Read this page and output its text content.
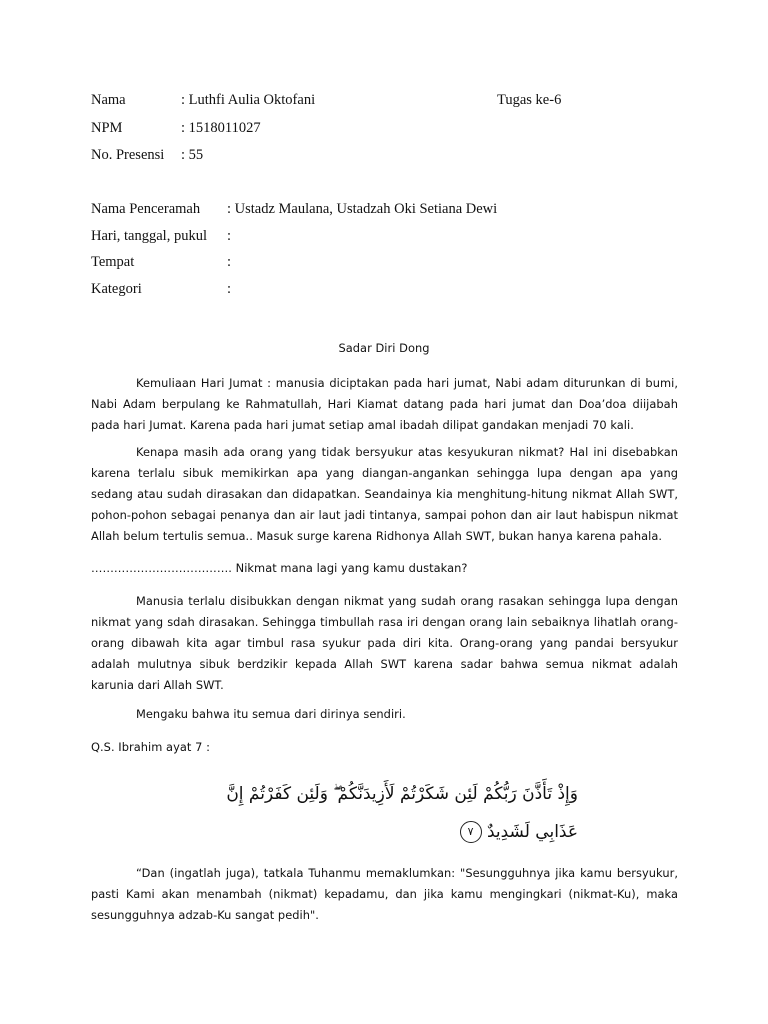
Nama	: Luthfi Aulia Oktofani	Tugas ke-6
NPM	: 1518011027
No. Presensi : 55
Nama Penceramah : Ustadz Maulana, Ustadzah Oki Setiana Dewi
Hari, tanggal, pukul :
Tempat	:
Kategori	:
Sadar Diri Dong

Kemuliaan Hari Jumat : manusia diciptakan pada hari jumat, Nabi adam diturunkan di bumi, Nabi Adam berpulang ke Rahmatullah, Hari Kiamat datang pada hari jumat dan Doa’doa diijabah pada hari Jumat. Karena pada hari jumat setiap amal ibadah dilipat gandakan menjadi 70 kali.

Kenapa masih ada orang yang tidak bersyukur atas kesyukuran nikmat? Hal ini disebabkan karena terlalu sibuk memikirkan apa yang diangan-angankan sehingga lupa dengan apa yang sedang atau sudah dirasakan dan didapatkan. Seandainya kia menghitung-hitung nikmat Allah SWT, pohon-pohon sebagai penanya dan air laut jadi tintanya, sampai pohon dan air laut habispun nikmat Allah belum tertulis semua.. Masuk surge karena Ridhonya Allah SWT, bukan hanya karena pahala.

………………………………. Nikmat mana lagi yang kamu dustakan?

Manusia terlalu disibukkan dengan nikmat yang sudah orang rasakan sehingga lupa dengan nikmat yang sdah dirasakan. Sehingga timbullah rasa iri dengan orang lain sebaiknya lihatlah orang-orang dibawah kita agar timbul rasa syukur pada diri kita. Orang-orang yang pandai bersyukur adalah mulutnya sibuk berdzikir kepada Allah SWT karena sadar bahwa semua nikmat adalah karunia dari Allah SWT.

Mengaku bahwa itu semua dari dirinya sendiri.

Q.S. Ibrahim ayat 7 :

وَإِذْ تَأَذَّنَ رَبُّكُمْ لَئِن شَكَرْتُمْ لَأَزِيدَنَّكُمْ ۖ وَلَئِن كَفَرْتُمْ إِنَّ
عَذَابِي لَشَدِيدٌ ٧

“Dan (ingatlah juga), tatkala Tuhanmu memaklumkan: "Sesungguhnya jika kamu bersyukur, pasti Kami akan menambah (nikmat) kepadamu, dan jika kamu mengingkari (nikmat-Ku), maka sesungguhnya adzab-Ku sangat pedih".
